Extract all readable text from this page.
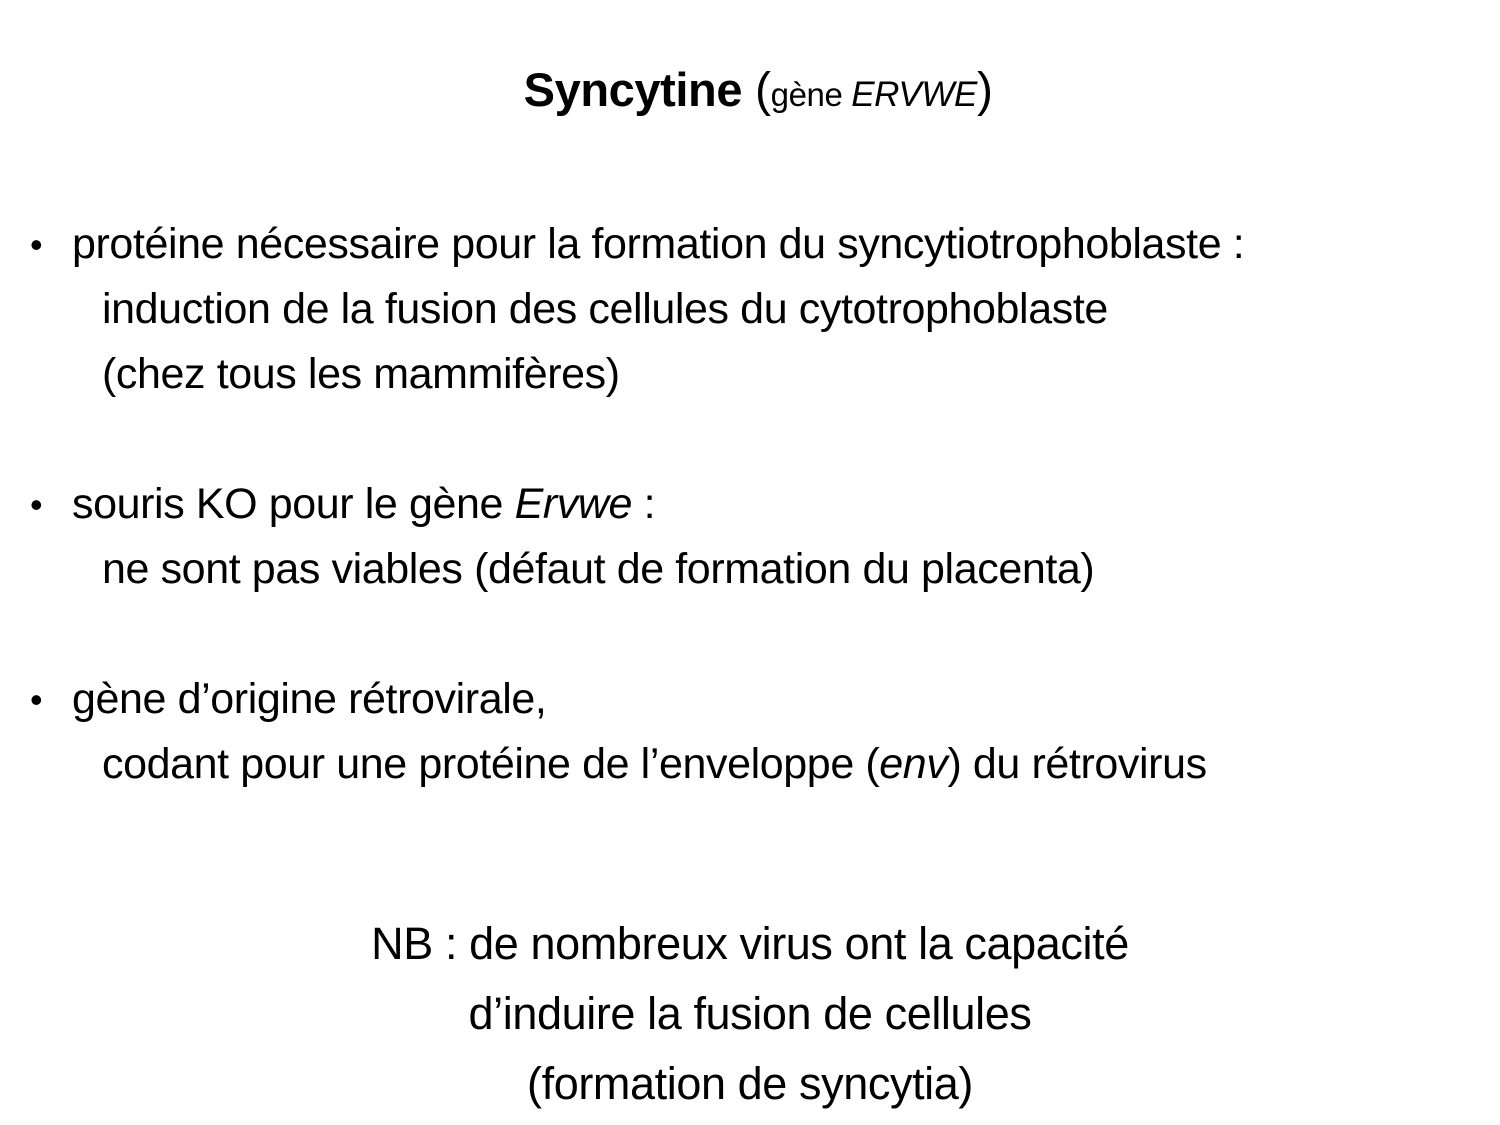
Syncytine (gène ERVWE)

• protéine nécessaire pour la formation du syncytiotrophoblaste :
induction de la fusion des cellules du cytotrophoblaste
(chez tous les mammifères)
• souris KO pour le gène Ervwe :
ne sont pas viables (défaut de formation du placenta)
• gène d’origine rétrovirale,
codant pour une protéine de l’enveloppe (env) du rétrovirus
NB : de nombreux virus ont la capacité
d’induire la fusion de cellules
(formation de syncytia)
